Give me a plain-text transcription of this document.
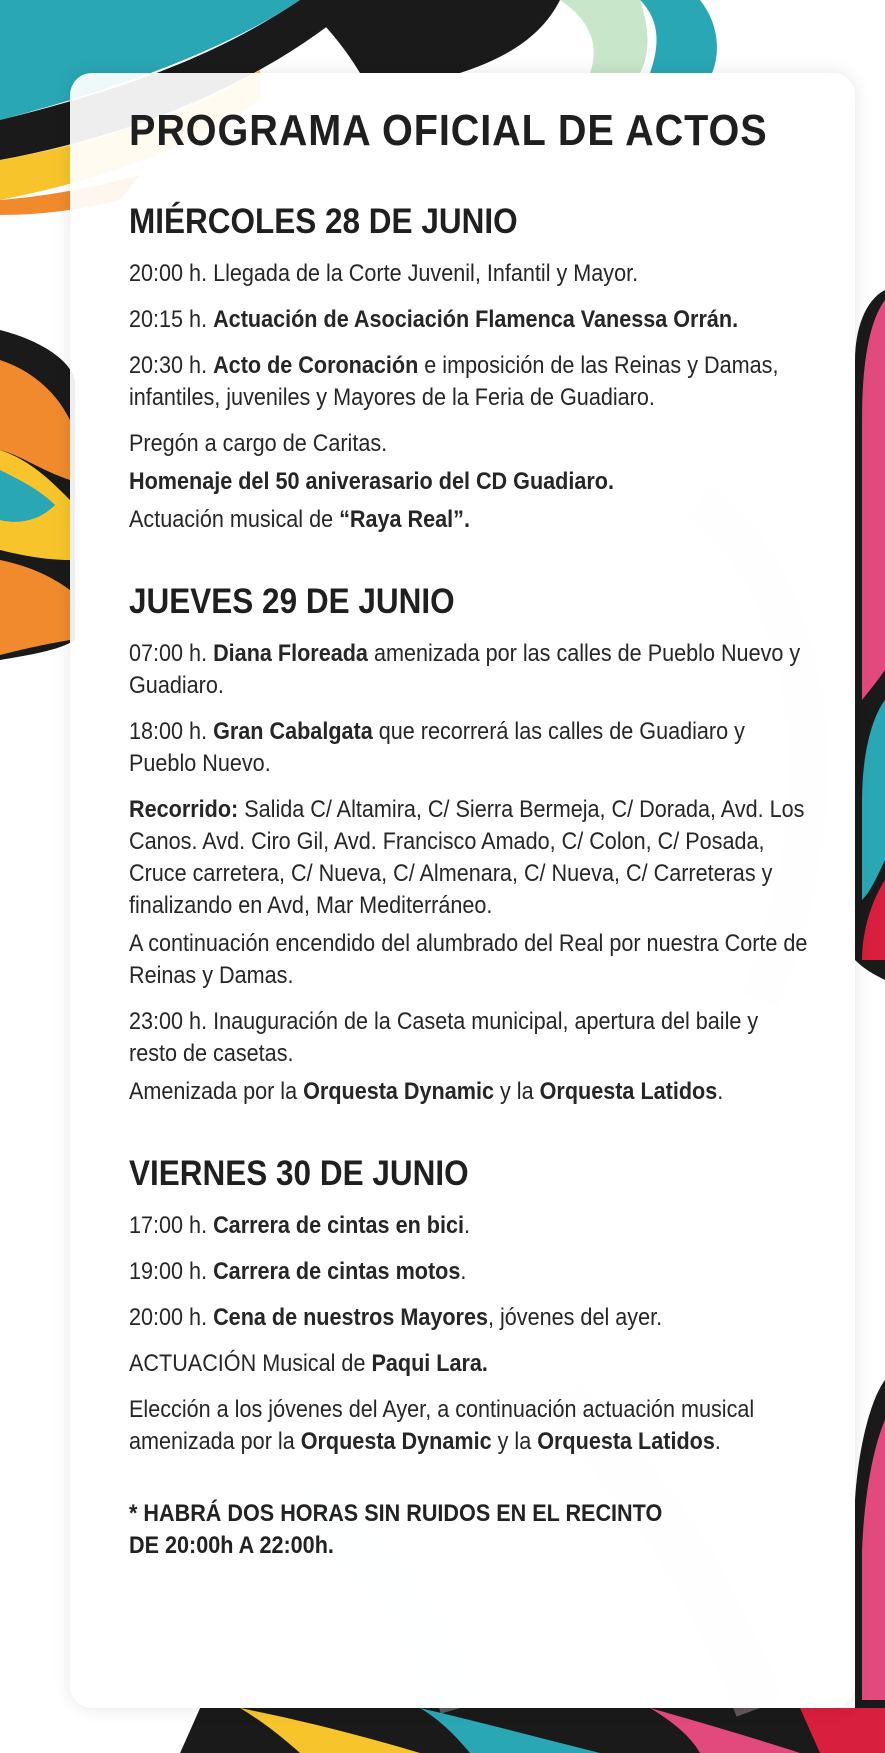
PROGRAMA OFICIAL DE ACTOS
MIÉRCOLES 28 DE JUNIO

20:00 h. Llegada de la Corte Juvenil, Infantil y Mayor.

20:15 h. Actuación de Asociación Flamenca Vanessa Orrán.

20:30 h. Acto de Coronación e imposición de las Reinas y Damas, infantiles, juveniles y Mayores de la Feria de Guadiaro.

Pregón a cargo de Caritas.

Homenaje del 50 aniverasario del CD Guadiaro.

Actuación musical de “Raya Real”.

JUEVES 29 DE JUNIO

07:00 h. Diana Floreada amenizada por las calles de Pueblo Nuevo y Guadiaro.

18:00 h. Gran Cabalgata que recorrerá las calles de Guadiaro y Pueblo Nuevo.

Recorrido: Salida C/ Altamira, C/ Sierra Bermeja, C/ Dorada, Avd. Los Canos. Avd. Ciro Gil, Avd. Francisco Amado, C/ Colon, C/ Posada, Cruce carretera, C/ Nueva, C/ Almenara, C/ Nueva, C/ Carreteras y finalizando en Avd, Mar Mediterráneo.

A continuación encendido del alumbrado del Real por nuestra Corte de Reinas y Damas.

23:00 h. Inauguración de la Caseta municipal, apertura del baile y resto de casetas.

Amenizada por la Orquesta Dynamic y la Orquesta Latidos.

VIERNES 30 DE JUNIO

17:00 h. Carrera de cintas en bici.

19:00 h. Carrera de cintas motos.

20:00 h. Cena de nuestros Mayores, jóvenes del ayer.

ACTUACIÓN Musical de Paqui Lara.

Elección a los jóvenes del Ayer, a continuación actuación musical amenizada por la Orquesta Dynamic y la Orquesta Latidos.

* HABRÁ DOS HORAS SIN RUIDOS EN EL RECINTO
DE 20:00h A 22:00h.
